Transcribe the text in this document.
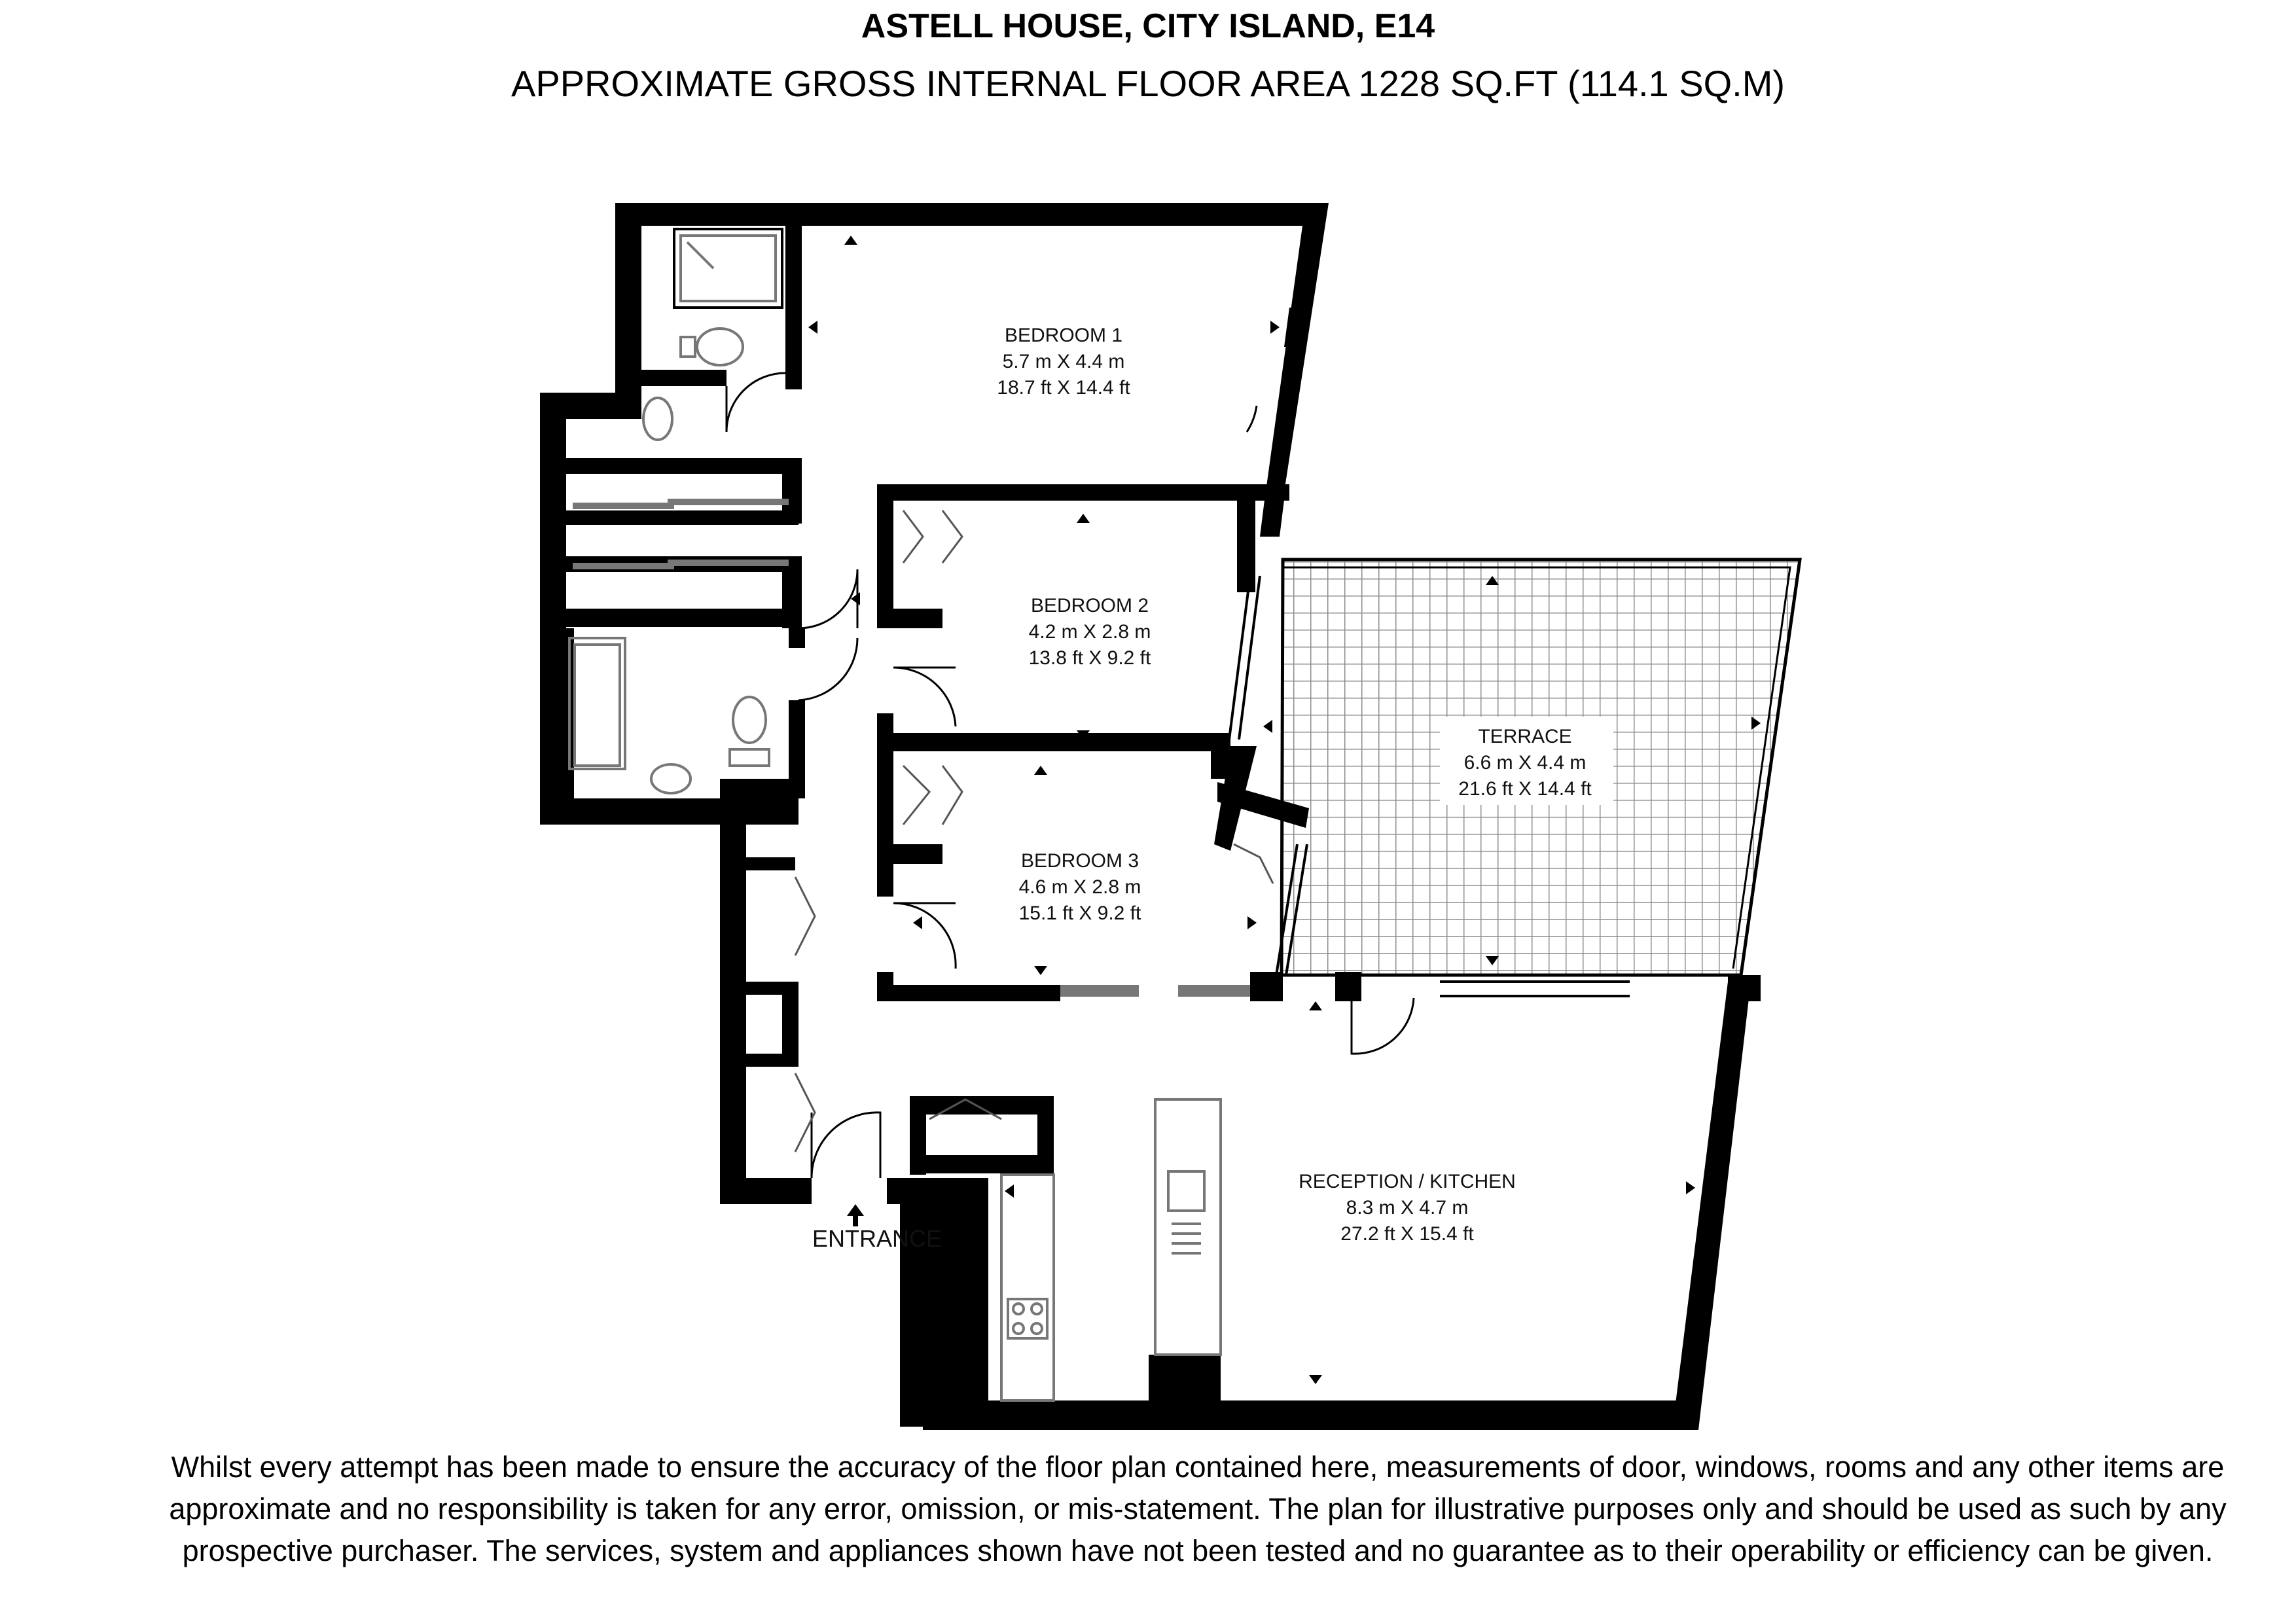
ASTELL HOUSE, CITY ISLAND, E14
APPROXIMATE GROSS INTERNAL FLOOR AREA 1228 SQ.FT (114.1 SQ.M)
ENTRANCE
BEDROOM 1
5.7 m X 4.4 m
18.7 ft X 14.4 ft
BEDROOM 2
4.2 m X 2.8 m
13.8 ft X 9.2 ft
BEDROOM 3
4.6 m X 2.8 m
15.1 ft X 9.2 ft
TERRACE
6.6 m X 4.4 m
21.6 ft X 14.4 ft
RECEPTION / KITCHEN
8.3 m X 4.7 m
27.2 ft X 15.4 ft
Whilst every attempt has been made to ensure the accuracy of the floor plan contained here, measurements of door, windows, rooms and any other items are approximate and no responsibility is taken for any error, omission, or mis-statement. The plan for illustrative purposes only and should be used as such by any prospective purchaser. The services, system and appliances shown have not been tested and no guarantee as to their operability or efficiency can be given.
